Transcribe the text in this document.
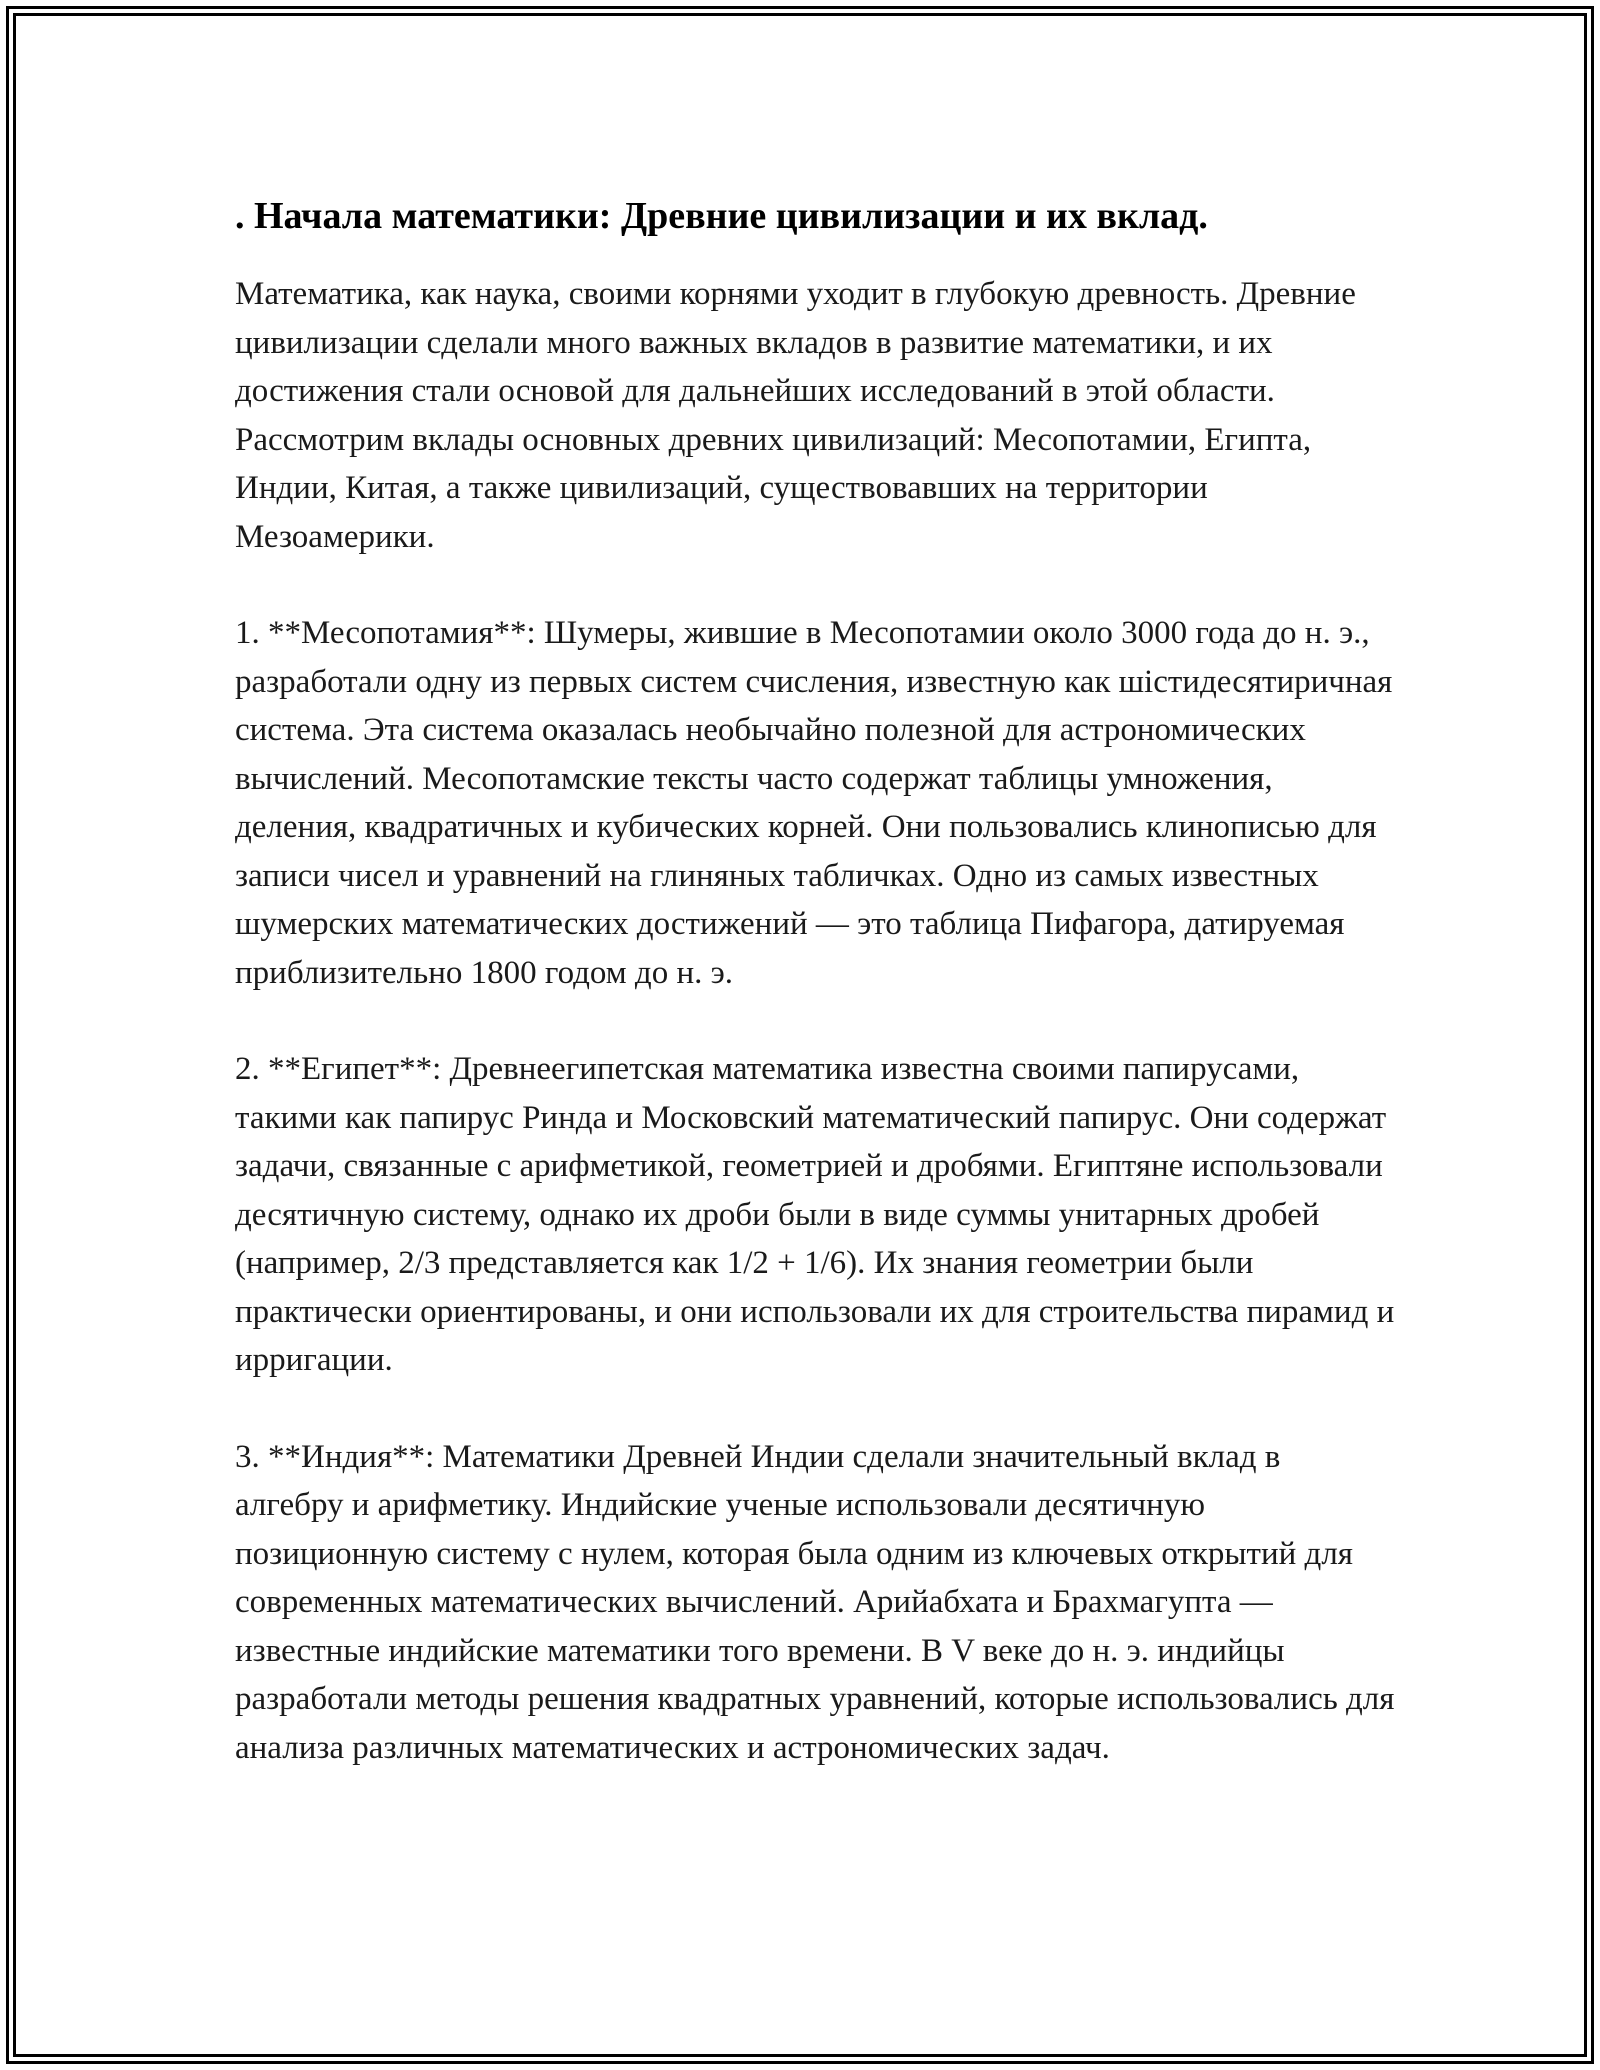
. Начала математики: Древние цивилизации и их вклад.

Математика, как наука, своими корнями уходит в глубокую древность. Древние цивилизации сделали много важных вкладов в развитие математики, и их достижения стали основой для дальнейших исследований в этой области. Рассмотрим вклады основных древних цивилизаций: Месопотамии, Египта, Индии, Китая, а также цивилизаций, существовавших на территории Мезоамерики.

1. **Месопотамия**: Шумеры, жившие в Месопотамии около 3000 года до н. э., разработали одну из первых систем счисления, известную как шістидесятиричная система. Эта система оказалась необычайно полезной для астрономических вычислений. Месопотамские тексты часто содержат таблицы умножения, деления, квадратичных и кубических корней. Они пользовались клинописью для записи чисел и уравнений на глиняных табличках. Одно из самых известных шумерских математических достижений — это таблица Пифагора, датируемая приблизительно 1800 годом до н. э.

2. **Египет**: Древнеегипетская математика известна своими папирусами, такими как папирус Ринда и Московский математический папирус. Они содержат задачи, связанные с арифметикой, геометрией и дробями. Египтяне использовали десятичную систему, однако их дроби были в виде суммы унитарных дробей (например, 2/3 представляется как 1/2 + 1/6). Их знания геометрии были практически ориентированы, и они использовали их для строительства пирамид и ирригации.

3. **Индия**: Математики Древней Индии сделали значительный вклад в алгебру и арифметику. Индийские ученые использовали десятичную позиционную систему с нулем, которая была одним из ключевых открытий для современных математических вычислений. Арийабхата и Брахмагупта — известные индийские математики того времени. В V веке до н. э. индийцы разработали методы решения квадратных уравнений, которые использовались для анализа различных математических и астрономических задач.
